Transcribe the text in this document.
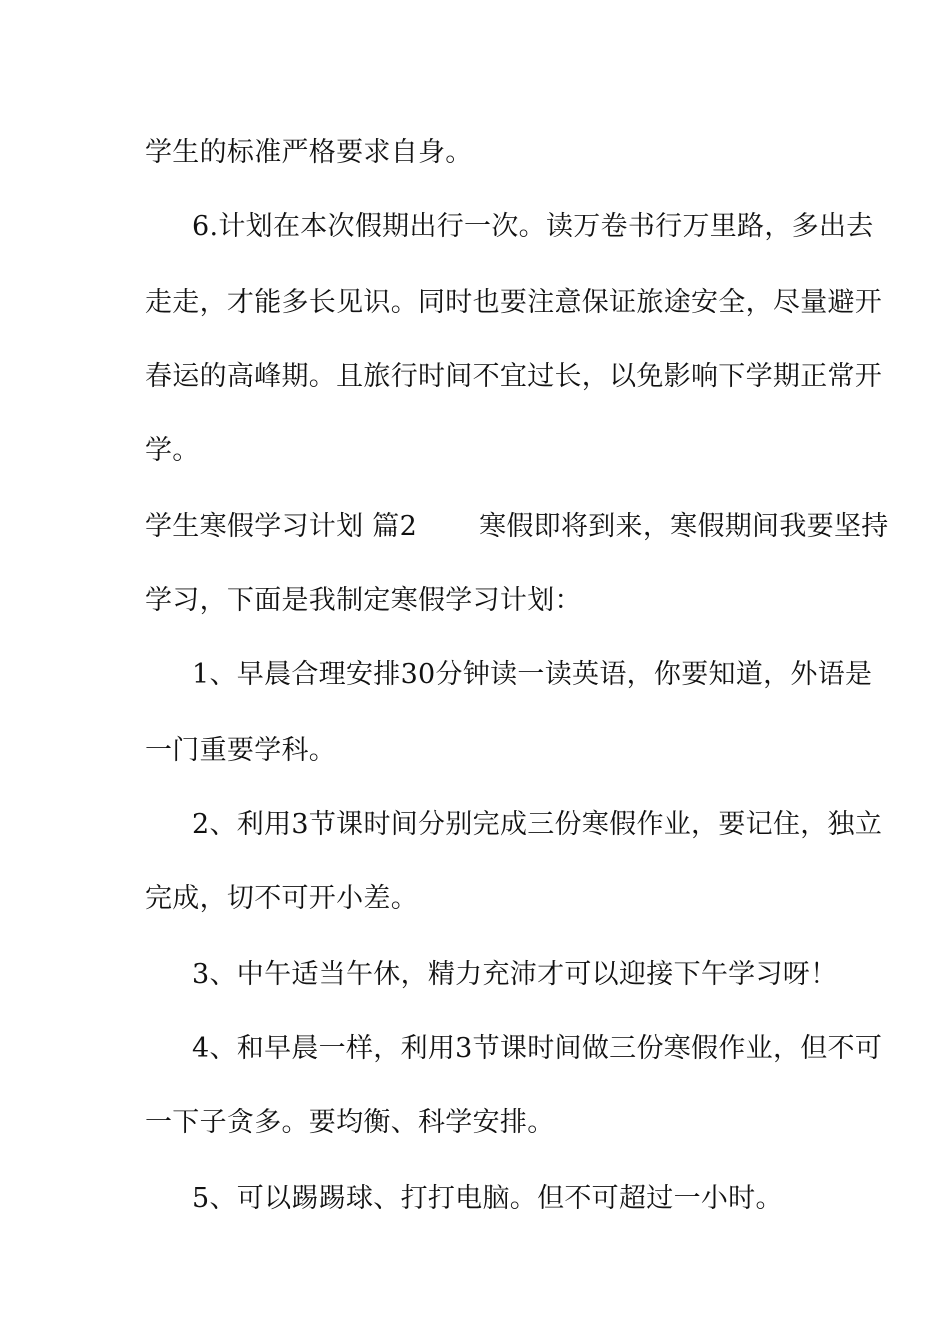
学生的标准严格要求自身。
6.计划在本次假期出行一次。读万卷书行万里路，多出去
走走，才能多长见识。同时也要注意保证旅途安全，尽量避开
春运的高峰期。且旅行时间不宜过长，以免影响下学期正常开
学。
学生寒假学习计划 篇2 寒假即将到来，寒假期间我要坚持
学习，下面是我制定寒假学习计划：
1、早晨合理安排30分钟读一读英语，你要知道，外语是
一门重要学科。
2、利用3节课时间分别完成三份寒假作业，要记住，独立
完成，切不可开小差。
3、中午适当午休，精力充沛才可以迎接下午学习呀！
4、和早晨一样，利用3节课时间做三份寒假作业，但不可
一下子贪多。要均衡、科学安排。
5、可以踢踢球、打打电脑。但不可超过一小时。
